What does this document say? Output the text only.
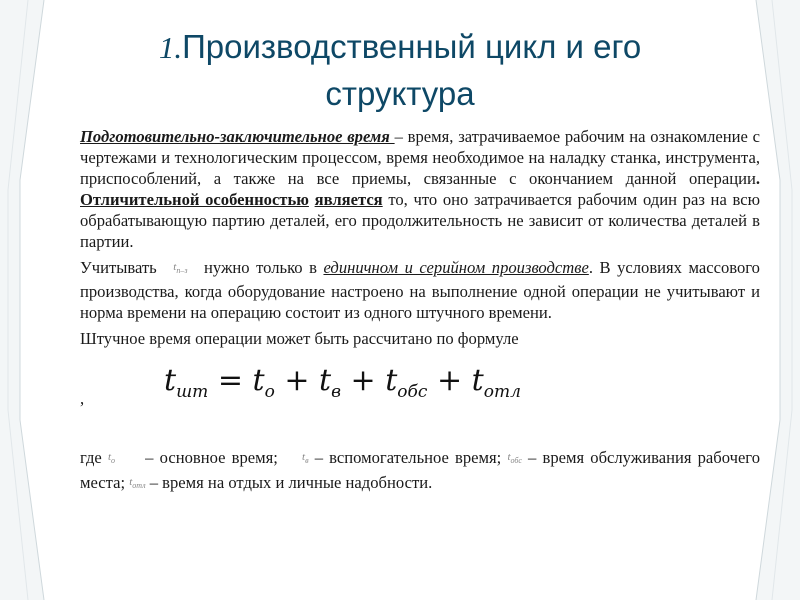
1.Производственный цикл и его
структура
Подготовительно-заключительное время – время, затрачиваемое рабочим на ознакомление с чертежами и технологическим процессом, время необходимое на наладку станка, инструмента, приспособлений, а также на все приемы, связанные с окончанием данной операции. Отличительной особенностью является то, что оно затрачивается рабочим один раз на всю обрабатывающую партию деталей, его продолжительность не зависит от количества деталей в партии.
Учитывать $t_{п-з}$ нужно только в единичном и серийном производстве. В условиях массового производства, когда оборудование настроено на выполнение одной операции не учитывают и норма времени на операцию состоит из одного штучного времени.
Штучное время операции может быть рассчитано по формуле
,
$t_{шт} = t_о + t_в + t_{обс} + t_{отл}$
где $t_о$ – основное время; $t_в$ – вспомогательное время; $t_{обс}$ – время обслуживания рабочего места; $t_{отл}$ – время на отдых и личные надобности.
